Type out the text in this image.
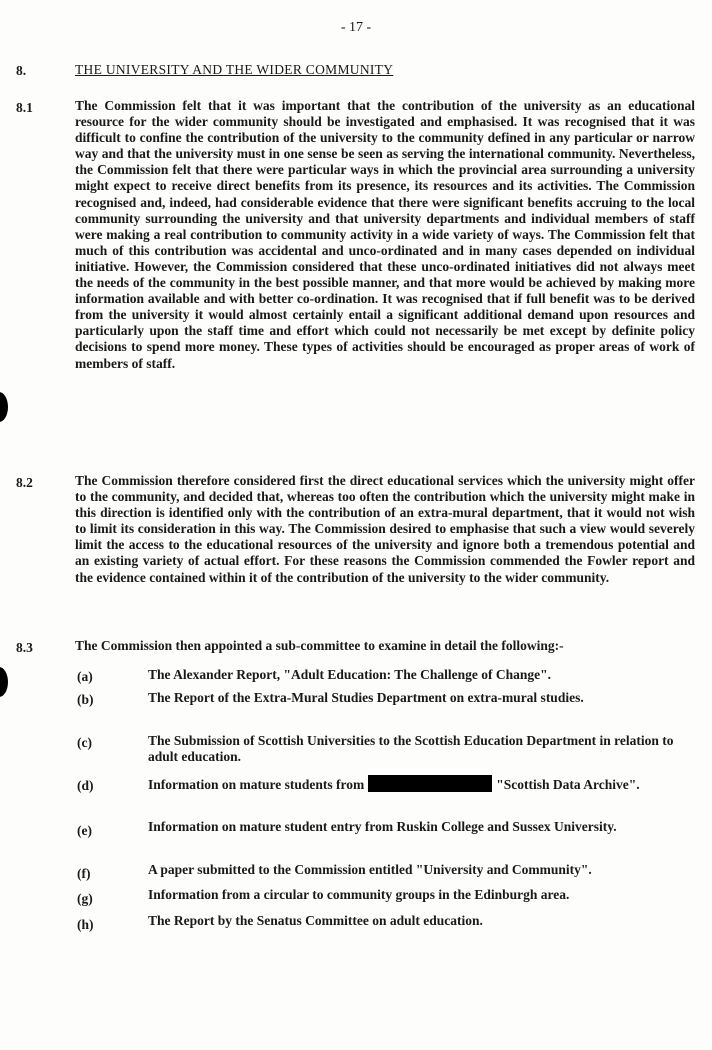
- 17 -
8.	THE UNIVERSITY AND THE WIDER COMMUNITY
8.1	The Commission felt that it was important that the contribution of the university as an educational resource for the wider community should be investigated and emphasised. It was recognised that it was difficult to confine the contribution of the university to the community defined in any particular or narrow way and that the university must in one sense be seen as serving the international community. Nevertheless, the Commission felt that there were particular ways in which the provincial area surrounding a university might expect to receive direct benefits from its presence, its resources and its activities. The Commission recognised and, indeed, had considerable evidence that there were significant benefits accruing to the local community surrounding the university and that university departments and individual members of staff were making a real contribution to community activity in a wide variety of ways. The Commission felt that much of this contribution was accidental and unco-ordinated and in many cases depended on individual initiative. However, the Commission considered that these unco-ordinated initiatives did not always meet the needs of the community in the best possible manner, and that more would be achieved by making more information available and with better co-ordination. It was recognised that if full benefit was to be derived from the university it would almost certainly entail a significant additional demand upon resources and particularly upon the staff time and effort which could not necessarily be met except by definite policy decisions to spend more money. These types of activities should be encouraged as proper areas of work of members of staff.
8.2	The Commission therefore considered first the direct educational services which the university might offer to the community, and decided that, whereas too often the contribution which the university might make in this direction is identified only with the contribution of an extra-mural department, that it would not wish to limit its consideration in this way. The Commission desired to emphasise that such a view would severely limit the access to the educational resources of the university and ignore both a tremendous potential and an existing variety of actual effort. For these reasons the Commission commended the Fowler report and the evidence contained within it of the contribution of the university to the wider community.
8.3	The Commission then appointed a sub-committee to examine in detail the following:-
(a)	The Alexander Report, "Adult Education: The Challenge of Change".
(b)	The Report of the Extra-Mural Studies Department on extra-mural studies.
(c)	The Submission of Scottish Universities to the Scottish Education Department in relation to adult education.
(d)	Information on mature students from	"Scottish Data Archive".
(e)	Information on mature student entry from Ruskin College and Sussex University.
(f)	A paper submitted to the Commission entitled "University and Community".
(g)	Information from a circular to community groups in the Edinburgh area.
(h)	The Report by the Senatus Committee on adult education.
